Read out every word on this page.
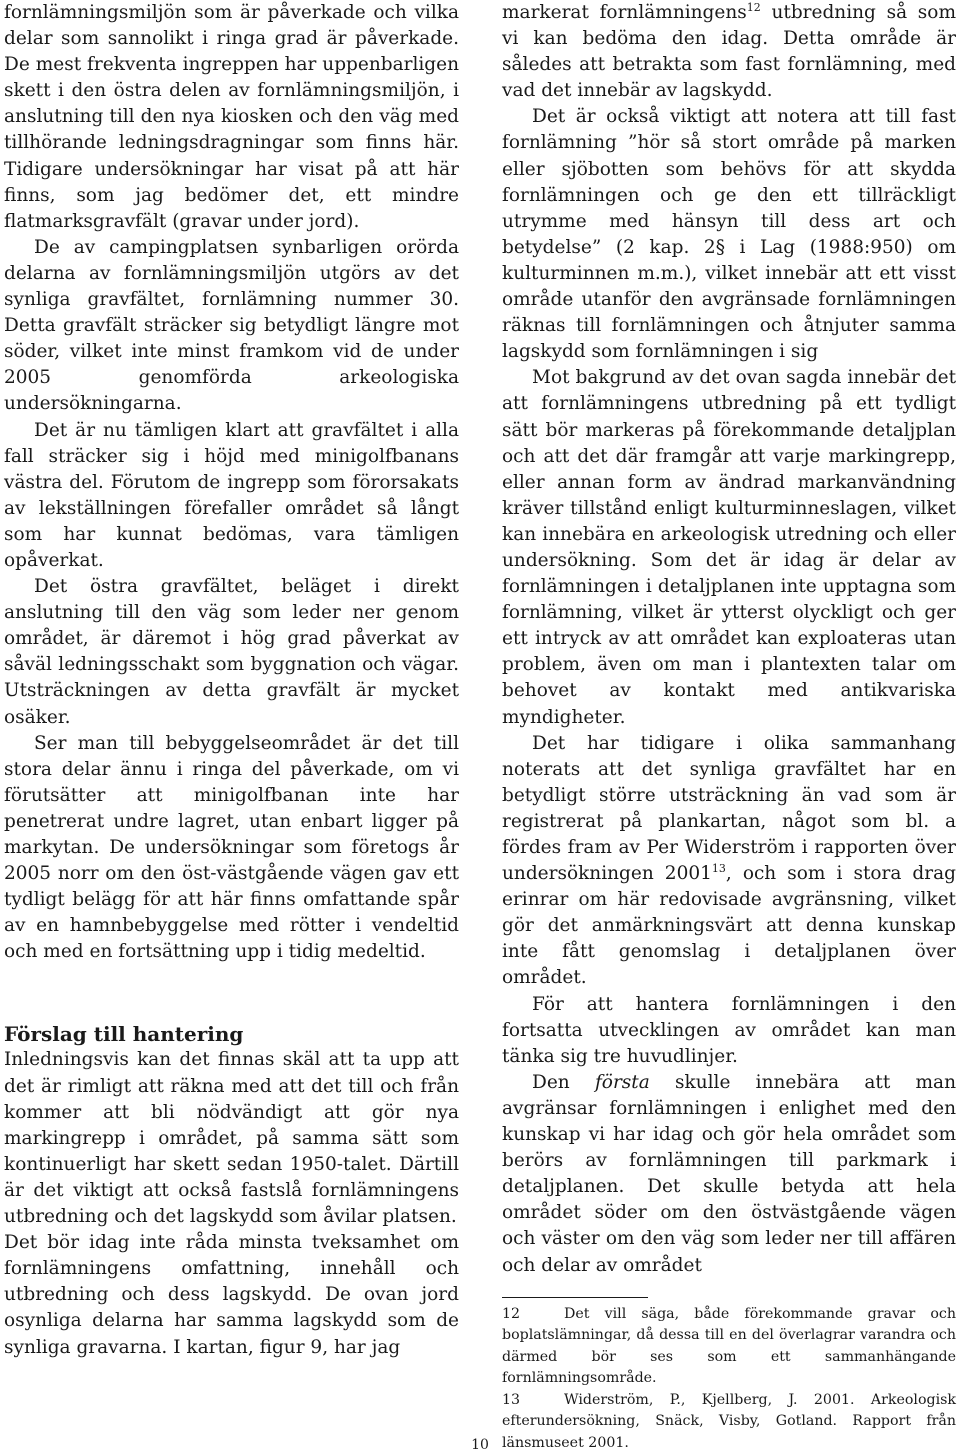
fornlämningsmiljön som är påverkade och vilka delar som sannolikt i ringa grad är påverkade. De mest frekventa ingreppen har uppenbarligen skett i den östra delen av fornlämningsmiljön, i anslutning till den nya kiosken och den väg med tillhörande ledningsdragningar som finns här. Tidigare undersökningar har visat på att här finns, som jag bedömer det, ett mindre flatmarksgravfält (gravar under jord).

De av campingplatsen synbarligen orörda delarna av fornlämningsmiljön utgörs av det synliga gravfältet, fornlämning nummer 30. Detta gravfält sträcker sig betydligt längre mot söder, vilket inte minst framkom vid de under 2005 genomförda arkeologiska undersökningarna.

Det är nu tämligen klart att gravfältet i alla fall sträcker sig i höjd med minigolfbanans västra del. Förutom de ingrepp som förorsakats av lekställningen förefaller området så långt som har kunnat bedömas, vara tämligen opåverkat.

Det östra gravfältet, beläget i direkt anslutning till den väg som leder ner genom området, är däremot i hög grad påverkat av såväl ledningsschakt som byggnation och vägar. Utsträckningen av detta gravfält är mycket osäker.

Ser man till bebyggelseområdet är det till stora delar ännu i ringa del påverkade, om vi förutsätter att minigolfbanan inte har penetrerat undre lagret, utan enbart ligger på markytan. De undersökningar som företogs år 2005 norr om den öst-västgående vägen gav ett tydligt belägg för att här finns omfattande spår av en hamnbebyggelse med rötter i vendeltid och med en fortsättning upp i tidig medeltid.

Förslag till hantering

Inledningsvis kan det finnas skäl att ta upp att det är rimligt att räkna med att det till och från kommer att bli nödvändigt att gör nya markingrepp i området, på samma sätt som kontinuerligt har skett sedan 1950-talet. Därtill är det viktigt att också fastslå fornlämningens utbredning och det lagskydd som åvilar platsen.

Det bör idag inte råda minsta tveksamhet om fornlämningens omfattning, innehåll och utbredning och dess lagskydd. De ovan jord osynliga delarna har samma lagskydd som de synliga gravarna. I kartan, figur 9, har jag

markerat fornlämningens$^{12}$ utbredning så som vi kan bedöma den idag. Detta område är således att betrakta som fast fornlämning, med vad det innebär av lagskydd.

Det är också viktigt att notera att till fast fornlämning ”hör så stort område på marken eller sjöbotten som behövs för att skydda fornlämningen och ge den ett tillräckligt utrymme med hänsyn till dess art och betydelse” (2 kap. 2§ i Lag (1988:950) om kulturminnen m.m.), vilket innebär att ett visst område utanför den avgränsade fornlämningen räknas till fornlämningen och åtnjuter samma lagskydd som fornlämningen i sig

Mot bakgrund av det ovan sagda innebär det att fornlämningens utbredning på ett tydligt sätt bör markeras på förekommande detaljplan och att det där framgår att varje markingrepp, eller annan form av ändrad markanvändning kräver tillstånd enligt kulturminneslagen, vilket kan innebära en arkeologisk utredning och eller undersökning. Som det är idag är delar av fornlämningen i detaljplanen inte upptagna som fornlämning, vilket är ytterst olyckligt och ger ett intryck av att området kan exploateras utan problem, även om man i plantexten talar om behovet av kontakt med antikvariska myndigheter.

Det har tidigare i olika sammanhang noterats att det synliga gravfältet har en betydligt större utsträckning än vad som är registrerat på plankartan, något som bl. a fördes fram av Per Widerström i rapporten över undersökningen 2001$^{13}$, och som i stora drag erinrar om här redovisade avgränsning, vilket gör det anmärkningsvärt att denna kunskap inte fått genomslag i detaljplanen över området.

För att hantera fornlämningen i den fortsatta utvecklingen av området kan man tänka sig tre huvudlinjer.

Den första skulle innebära att man avgränsar fornlämningen i enlighet med den kunskap vi har idag och gör hela området som berörs av fornlämningen till parkmark i detaljplanen. Det skulle betyda att hela området söder om den östvästgående vägen och väster om den väg som leder ner till affären och delar av området

12	Det vill säga, både förekommande gravar och boplatslämningar, då dessa till en del överlagrar varandra och därmed bör ses som ett sammanhängande fornlämningsområde.

13	Widerström, P., Kjellberg, J. 2001. Arkeologisk efterundersökning, Snäck, Visby, Gotland. Rapport från länsmuseet 2001.

10
